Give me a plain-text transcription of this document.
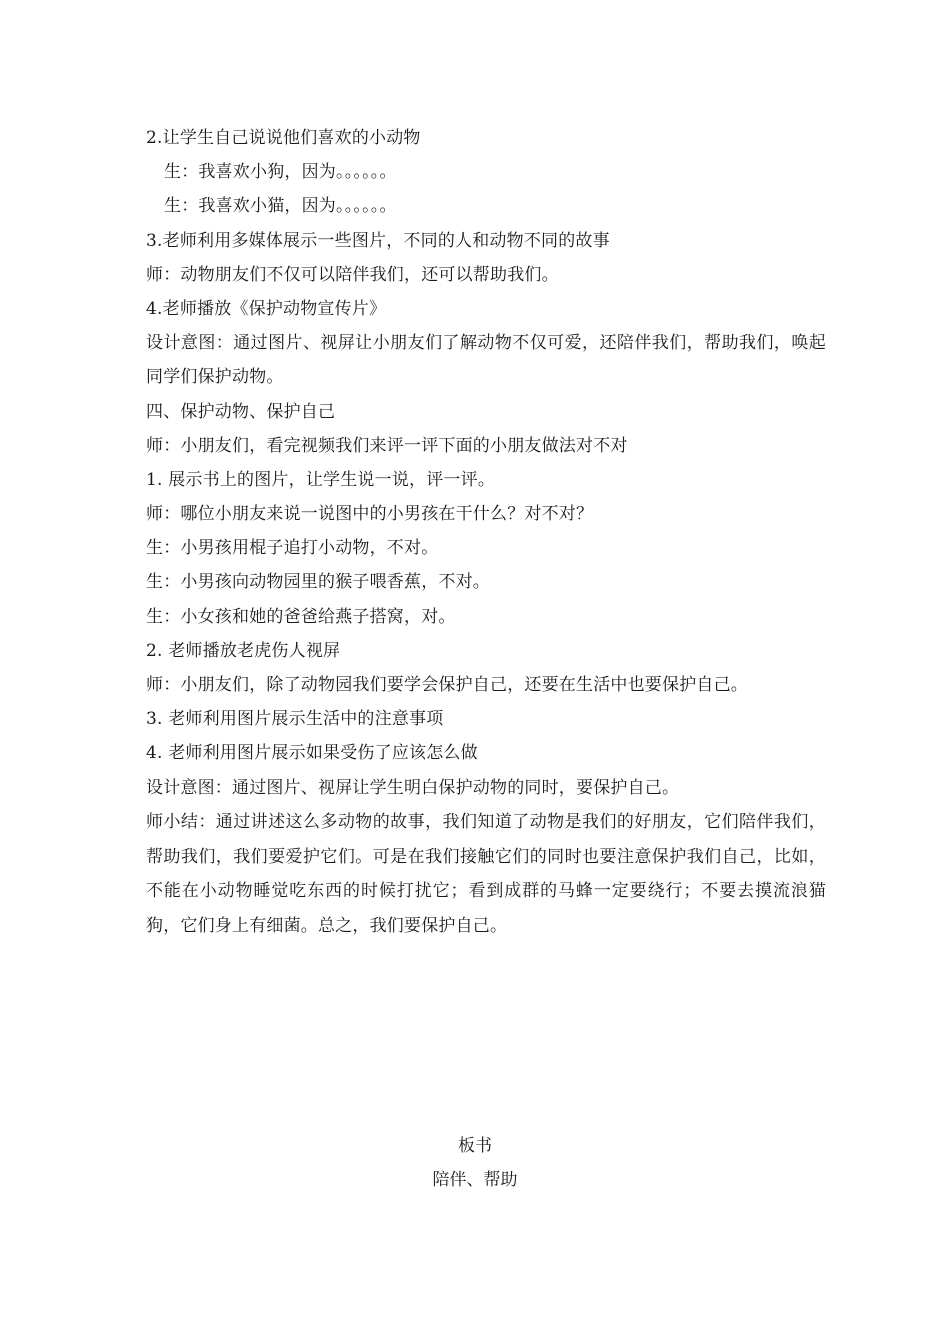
2.让学生自己说说他们喜欢的小动物
生：我喜欢小狗，因为。。。。。。
生：我喜欢小猫，因为。。。。。。
3.老师利用多媒体展示一些图片，不同的人和动物不同的故事
师：动物朋友们不仅可以陪伴我们，还可以帮助我们。
4.老师播放《保护动物宣传片》
设计意图：通过图片、视屏让小朋友们了解动物不仅可爱，还陪伴我们，帮助我们，唤起同学们保护动物。
四、保护动物、保护自己
师：小朋友们，看完视频我们来评一评下面的小朋友做法对不对
1. 展示书上的图片，让学生说一说，评一评。
师：哪位小朋友来说一说图中的小男孩在干什么？对不对？
生：小男孩用棍子追打小动物，不对。
生：小男孩向动物园里的猴子喂香蕉，不对。
生：小女孩和她的爸爸给燕子搭窝，对。
2. 老师播放老虎伤人视屏
师：小朋友们，除了动物园我们要学会保护自己，还要在生活中也要保护自己。
3. 老师利用图片展示生活中的注意事项
4. 老师利用图片展示如果受伤了应该怎么做
设计意图：通过图片、视屏让学生明白保护动物的同时，要保护自己。
师小结：通过讲述这么多动物的故事，我们知道了动物是我们的好朋友，它们陪伴我们，帮助我们，我们要爱护它们。可是在我们接触它们的同时也要注意保护我们自己，比如，不能在小动物睡觉吃东西的时候打扰它；看到成群的马蜂一定要绕行；不要去摸流浪猫狗，它们身上有细菌。总之，我们要保护自己。
板书
陪伴、帮助
